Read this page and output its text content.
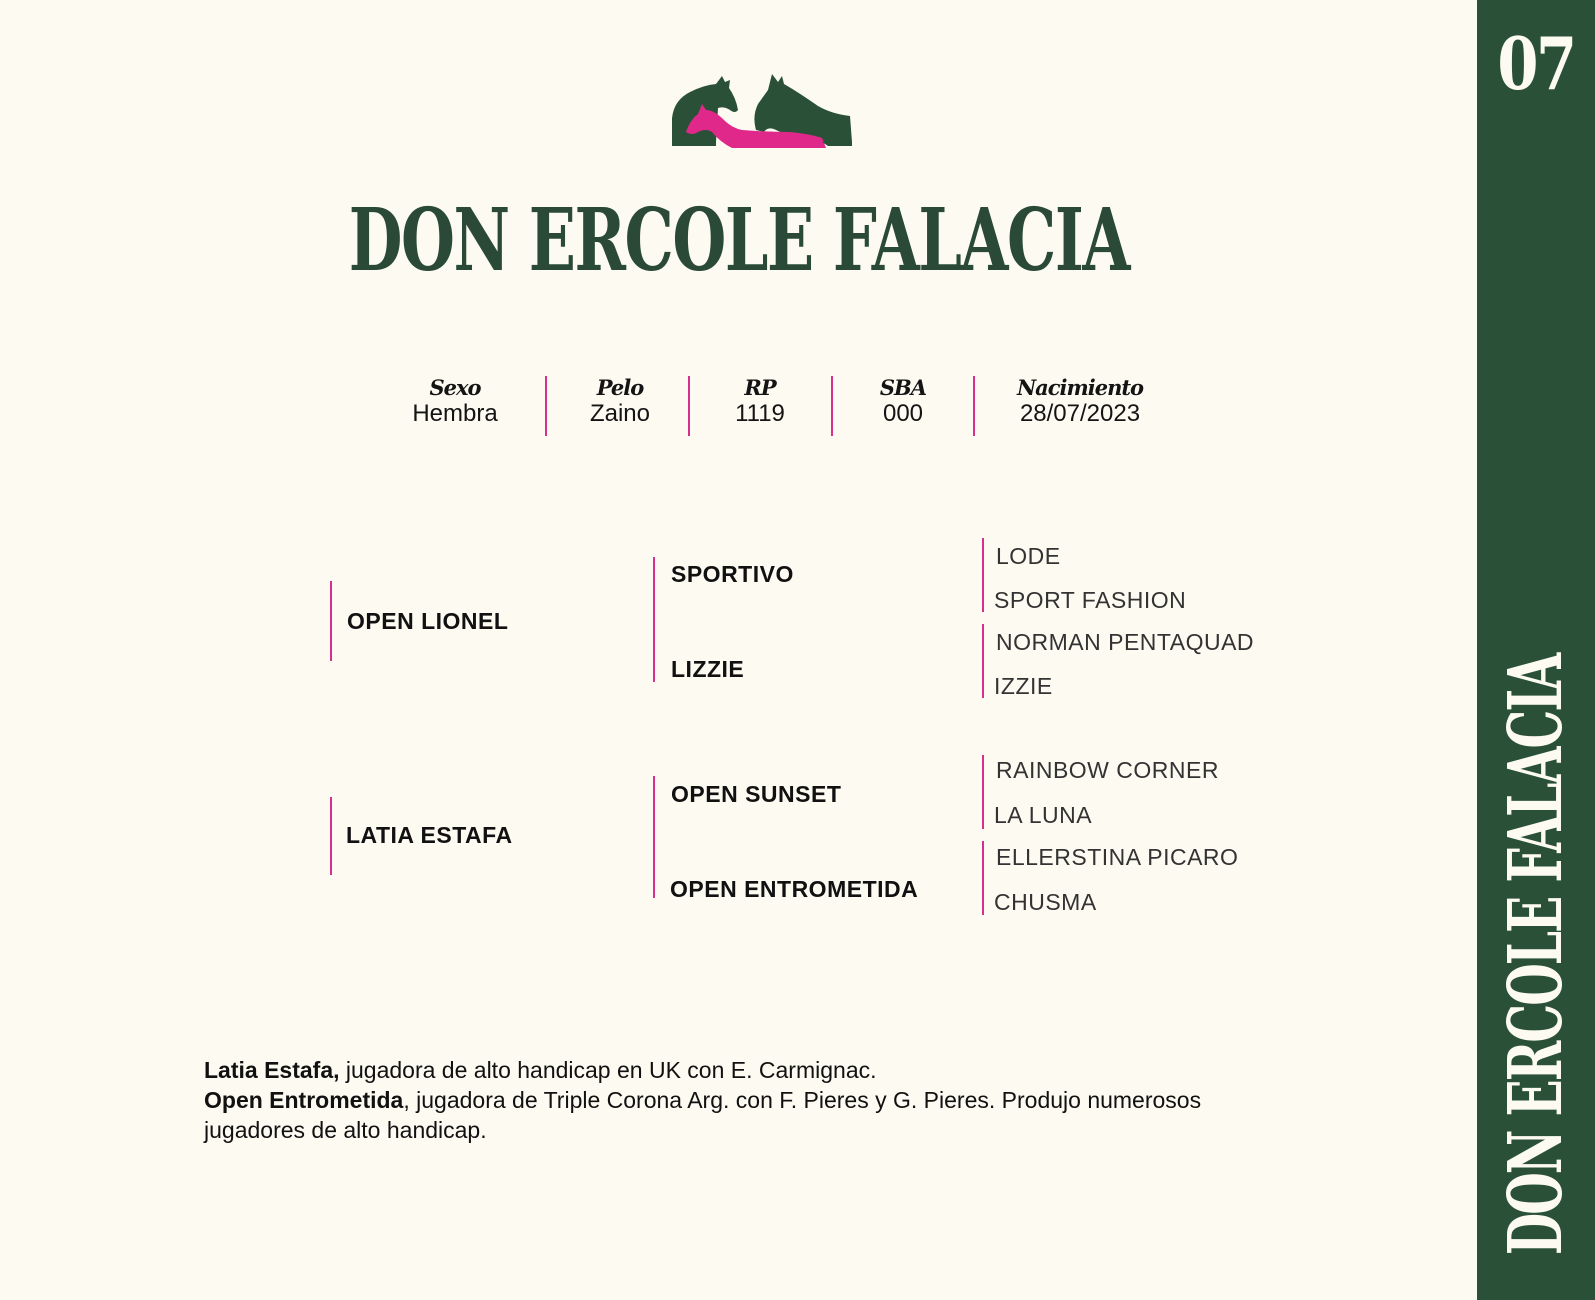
07
DON ERCOLE FALACIA
DON ERCOLE FALACIA
Sexo
Hembra
Pelo
Zaino
RP
1119
SBA
000
Nacimiento
28/07/2023
OPEN LIONEL
SPORTIVO
LIZZIE
LODE
SPORT FASHION
NORMAN PENTAQUAD
IZZIE
LATIA ESTAFA
OPEN SUNSET
OPEN ENTROMETIDA
RAINBOW CORNER
LA LUNA
ELLERSTINA PICARO
CHUSMA

Latia Estafa, jugadora de alto handicap en UK con E. Carmignac.

Open Entrometida, jugadora de Triple Corona Arg. con F. Pieres y G. Pieres. Produjo numerosos jugadores de alto handicap.
